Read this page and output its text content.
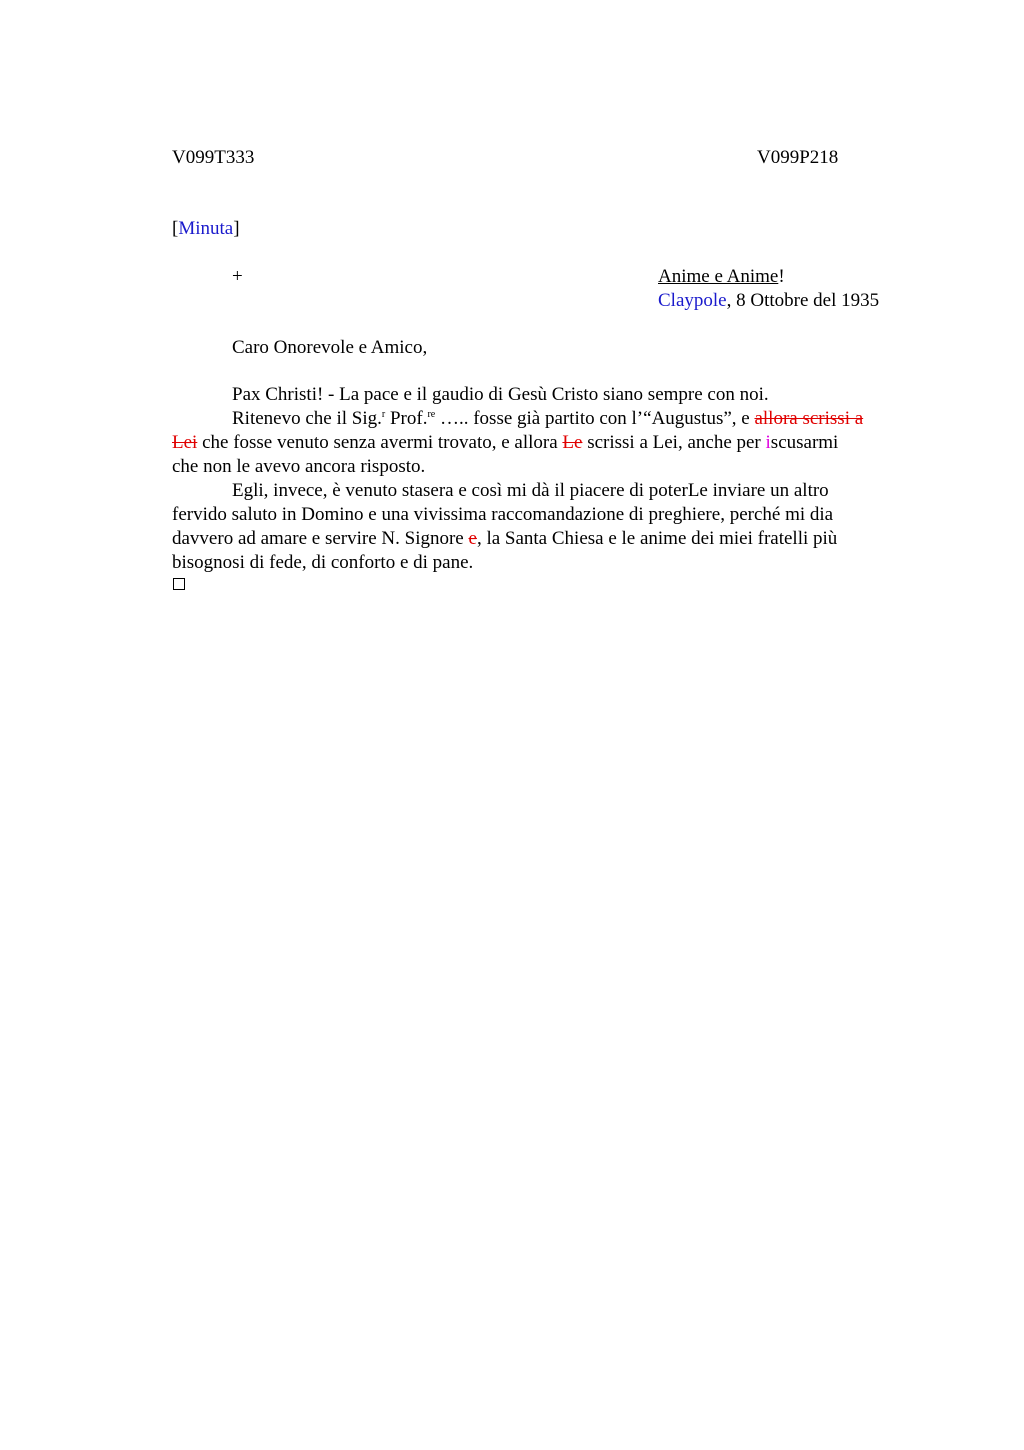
V099T333	V099P218
[Minuta]
+	Anime e Anime!
Claypole, 8 Ottobre del 1935
Caro Onorevole e Amico,

Pax Christi! - La pace e il gaudio di Gesù Cristo siano sempre con noi.

Ritenevo che il Sig.$^r$ Prof.$^{re}$ ….. fosse già partito con l’“Augustus”, e allora scrissi a

Lei che fosse venuto senza avermi trovato, e allora Le scrissi a Lei, anche per iscusarmi

che non le avevo ancora risposto.

Egli, invece, è venuto stasera e così mi dà il piacere di poterLe inviare un altro

fervido saluto in Domino e una vivissima raccomandazione di preghiere, perché mi dia

davvero ad amare e servire N. Signore e, la Santa Chiesa e le anime dei miei fratelli più

bisognosi di fede, di conforto e di pane.
